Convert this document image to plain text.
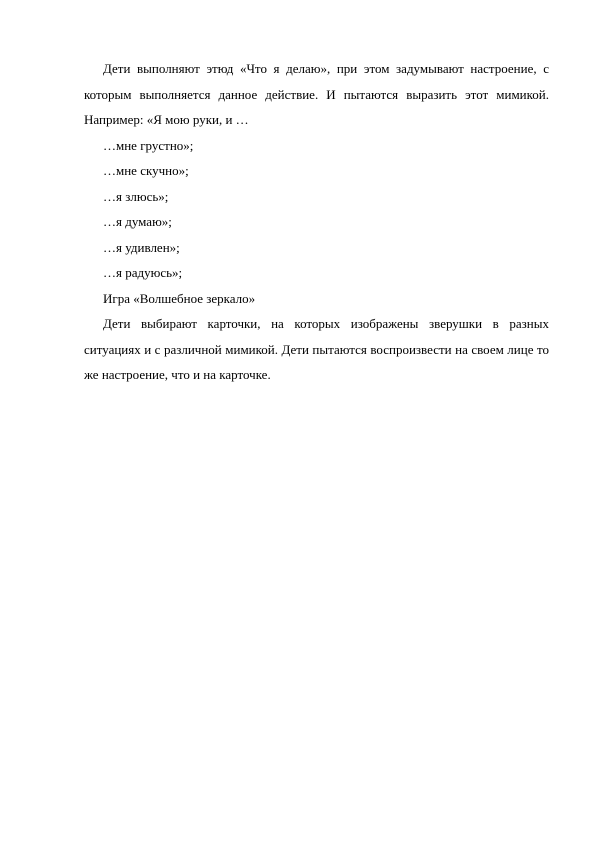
Дети выполняют этюд «Что я делаю», при этом задумывают настроение, с которым выполняется данное действие. И пытаются выразить этот мимикой. Например: «Я мою руки, и …

…мне грустно»;

…мне скучно»;

…я злюсь»;

…я думаю»;

…я удивлен»;

…я радуюсь»;

Игра «Волшебное зеркало»

Дети выбирают карточки, на которых изображены зверушки в разных ситуациях и с различной мимикой. Дети пытаются воспроизвести на своем лице то же настроение, что и на карточке.
